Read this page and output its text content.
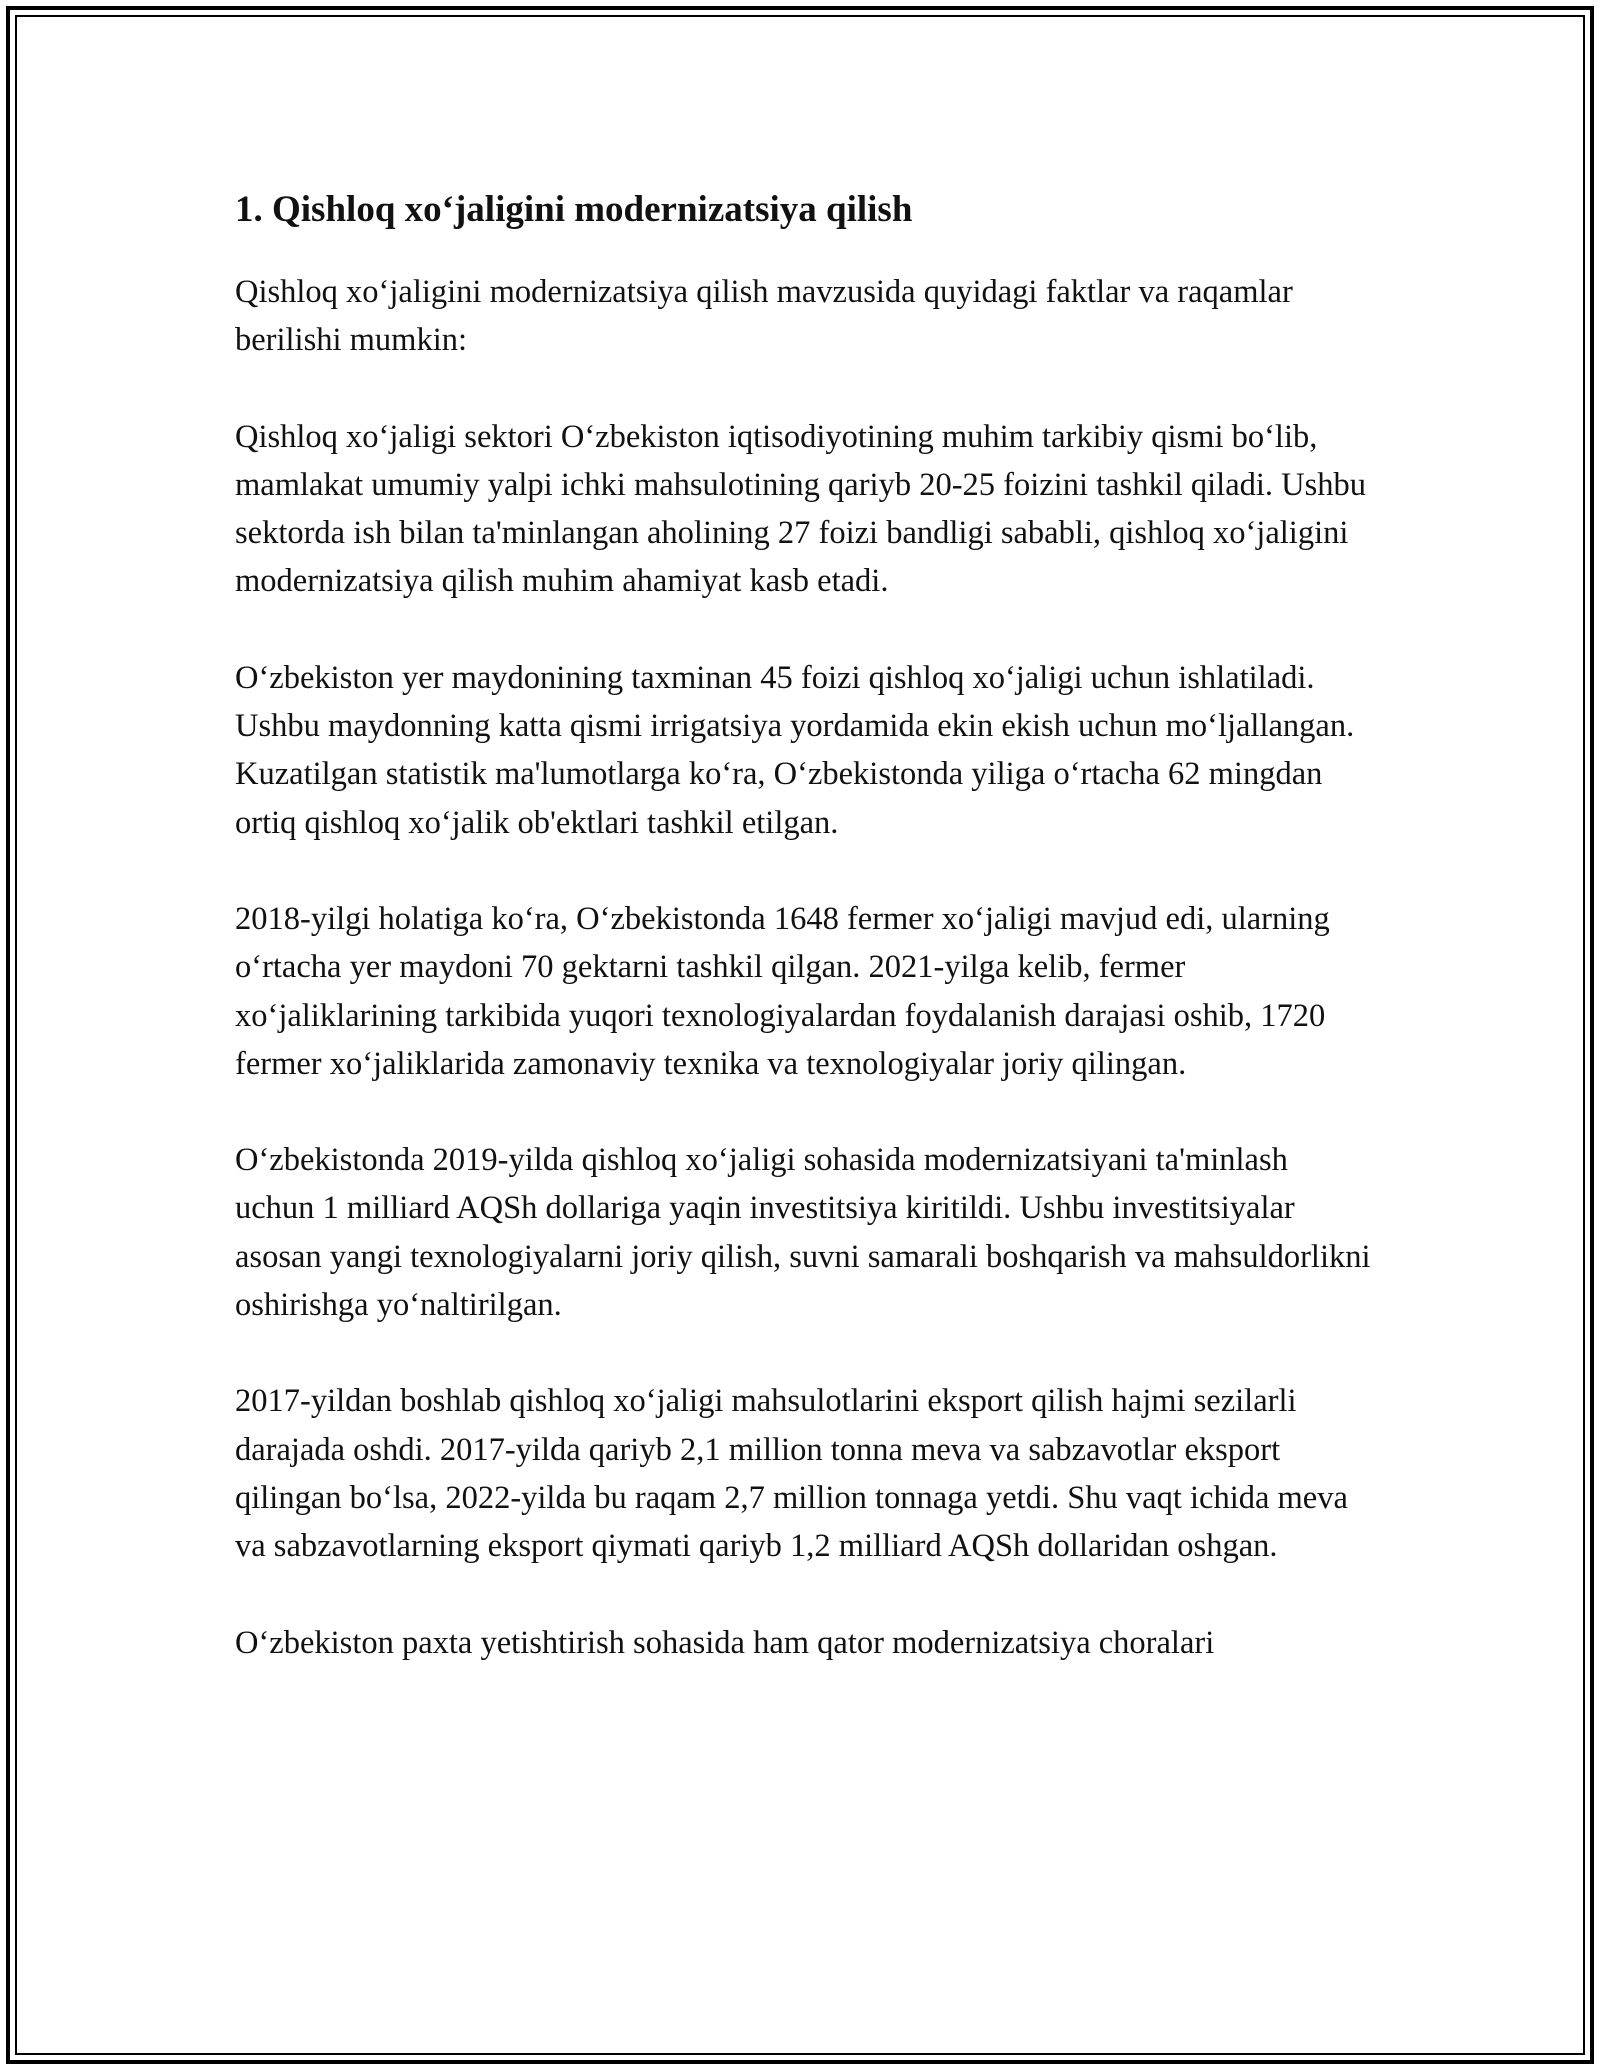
1. Qishloq xo‘jaligini modernizatsiya qilish

Qishloq xo‘jaligini modernizatsiya qilish mavzusida quyidagi faktlar va raqamlar berilishi mumkin:

Qishloq xo‘jaligi sektori O‘zbekiston iqtisodiyotining muhim tarkibiy qismi bo‘lib, mamlakat umumiy yalpi ichki mahsulotining qariyb 20-25 foizini tashkil qiladi. Ushbu sektorda ish bilan ta'minlangan aholining 27 foizi bandligi sababli, qishloq xo‘jaligini modernizatsiya qilish muhim ahamiyat kasb etadi.

O‘zbekiston yer maydonining taxminan 45 foizi qishloq xo‘jaligi uchun ishlatiladi. Ushbu maydonning katta qismi irrigatsiya yordamida ekin ekish uchun mo‘ljallangan. Kuzatilgan statistik ma'lumotlarga ko‘ra, O‘zbekistonda yiliga o‘rtacha 62 mingdan ortiq qishloq xo‘jalik ob'ektlari tashkil etilgan.

2018-yilgi holatiga ko‘ra, O‘zbekistonda 1648 fermer xo‘jaligi mavjud edi, ularning o‘rtacha yer maydoni 70 gektarni tashkil qilgan. 2021-yilga kelib, fermer xo‘jaliklarining tarkibida yuqori texnologiyalardan foydalanish darajasi oshib, 1720 fermer xo‘jaliklarida zamonaviy texnika va texnologiyalar joriy qilingan.

O‘zbekistonda 2019-yilda qishloq xo‘jaligi sohasida modernizatsiyani ta'minlash uchun 1 milliard AQSh dollariga yaqin investitsiya kiritildi. Ushbu investitsiyalar asosan yangi texnologiyalarni joriy qilish, suvni samarali boshqarish va mahsuldorlikni oshirishga yo‘naltirilgan.

2017-yildan boshlab qishloq xo‘jaligi mahsulotlarini eksport qilish hajmi sezilarli darajada oshdi. 2017-yilda qariyb 2,1 million tonna meva va sabzavotlar eksport qilingan bo‘lsa, 2022-yilda bu raqam 2,7 million tonnaga yetdi. Shu vaqt ichida meva va sabzavotlarning eksport qiymati qariyb 1,2 milliard AQSh dollaridan oshgan.

O‘zbekiston paxta yetishtirish sohasida ham qator modernizatsiya choralari
